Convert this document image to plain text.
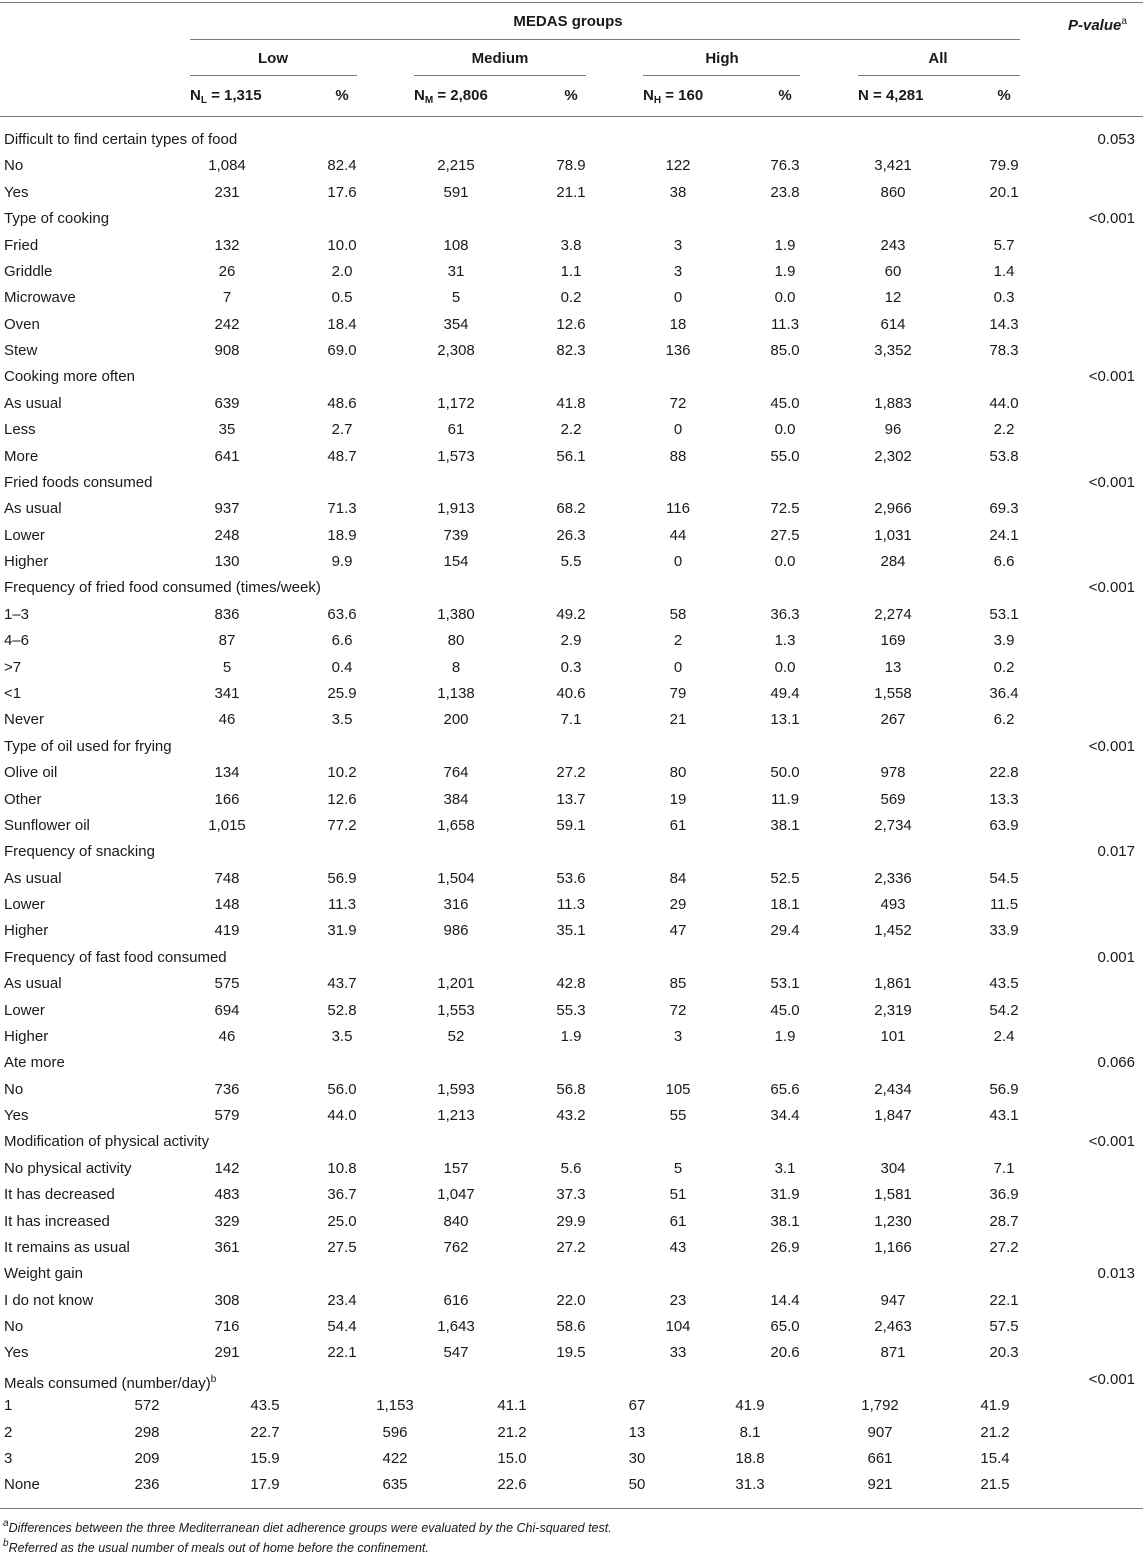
MEDAS groups	P-value$^a$
Low	Medium	High	All
$N_L = 1,315$	%	$N_M = 2,806$	%	$N_H = 160$	%	N = 4,281	%
Difficult to find certain types of food	0.053
No	1,084	82.4	2,215	78.9	122	76.3	3,421	79.9
Yes	231	17.6	591	21.1	38	23.8	860	20.1
Type of cooking	<0.001
Fried	132	10.0	108	3.8	3	1.9	243	5.7
Griddle	26	2.0	31	1.1	3	1.9	60	1.4
Microwave	7	0.5	5	0.2	0	0.0	12	0.3
Oven	242	18.4	354	12.6	18	11.3	614	14.3
Stew	908	69.0	2,308	82.3	136	85.0	3,352	78.3
Cooking more often	<0.001
As usual	639	48.6	1,172	41.8	72	45.0	1,883	44.0
Less	35	2.7	61	2.2	0	0.0	96	2.2
More	641	48.7	1,573	56.1	88	55.0	2,302	53.8
Fried foods consumed	<0.001
As usual	937	71.3	1,913	68.2	116	72.5	2,966	69.3
Lower	248	18.9	739	26.3	44	27.5	1,031	24.1
Higher	130	9.9	154	5.5	0	0.0	284	6.6
Frequency of fried food consumed (times/week)	<0.001
1–3	836	63.6	1,380	49.2	58	36.3	2,274	53.1
4–6	87	6.6	80	2.9	2	1.3	169	3.9
>7	5	0.4	8	0.3	0	0.0	13	0.2
<1	341	25.9	1,138	40.6	79	49.4	1,558	36.4
Never	46	3.5	200	7.1	21	13.1	267	6.2
Type of oil used for frying	<0.001
Olive oil	134	10.2	764	27.2	80	50.0	978	22.8
Other	166	12.6	384	13.7	19	11.9	569	13.3
Sunflower oil	1,015	77.2	1,658	59.1	61	38.1	2,734	63.9
Frequency of snacking	0.017
As usual	748	56.9	1,504	53.6	84	52.5	2,336	54.5
Lower	148	11.3	316	11.3	29	18.1	493	11.5
Higher	419	31.9	986	35.1	47	29.4	1,452	33.9
Frequency of fast food consumed	0.001
As usual	575	43.7	1,201	42.8	85	53.1	1,861	43.5
Lower	694	52.8	1,553	55.3	72	45.0	2,319	54.2
Higher	46	3.5	52	1.9	3	1.9	101	2.4
Ate more	0.066
No	736	56.0	1,593	56.8	105	65.6	2,434	56.9
Yes	579	44.0	1,213	43.2	55	34.4	1,847	43.1
Modification of physical activity	<0.001
No physical activity	142	10.8	157	5.6	5	3.1	304	7.1
It has decreased	483	36.7	1,047	37.3	51	31.9	1,581	36.9
It has increased	329	25.0	840	29.9	61	38.1	1,230	28.7
It remains as usual	361	27.5	762	27.2	43	26.9	1,166	27.2
Weight gain	0.013
I do not know	308	23.4	616	22.0	23	14.4	947	22.1
No	716	54.4	1,643	58.6	104	65.0	2,463	57.5
Yes	291	22.1	547	19.5	33	20.6	871	20.3
Meals consumed (number/day)$^b$	<0.001
1	572	43.5	1,153	41.1	67	41.9	1,792	41.9
2	298	22.7	596	21.2	13	8.1	907	21.2
3	209	15.9	422	15.0	30	18.8	661	15.4
None	236	17.9	635	22.6	50	31.3	921	21.5
$^a$Differences between the three Mediterranean diet adherence groups were evaluated by the Chi-squared test.
$^b$Referred as the usual number of meals out of home before the confinement.
